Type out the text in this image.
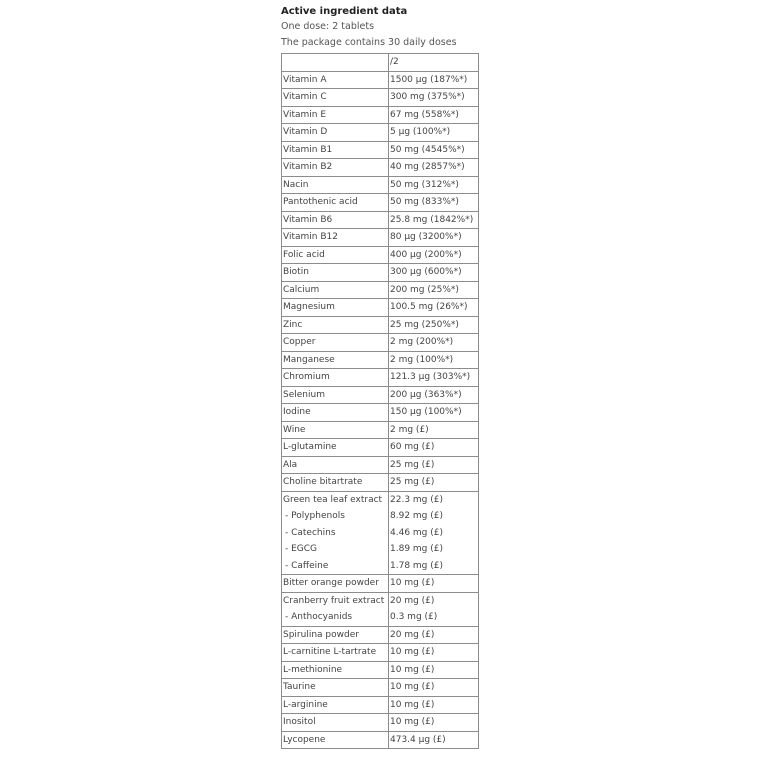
Active ingredient data
One dose: 2 tablets
The package contains 30 daily doses
	/2
Vitamin A	1500 µg (187%*)
Vitamin C	300 mg (375%*)
Vitamin E	67 mg (558%*)
Vitamin D	5 µg (100%*)
Vitamin B1	50 mg (4545%*)
Vitamin B2	40 mg (2857%*)
Nacin	50 mg (312%*)
Pantothenic acid	50 mg (833%*)
Vitamin B6	25.8 mg (1842%*)
Vitamin B12	80 µg (3200%*)
Folic acid	400 µg (200%*)
Biotin	300 µg (600%*)
Calcium	200 mg (25%*)
Magnesium	100.5 mg (26%*)
Zinc	25 mg (250%*)
Copper	2 mg (200%*)
Manganese	2 mg (100%*)
Chromium	121.3 µg (303%*)
Selenium	200 µg (363%*)
Iodine	150 µg (100%*)
Wine	2 mg (£)
L-glutamine	60 mg (£)
Ala	25 mg (£)
Choline bitartrate	25 mg (£)
Green tea leaf extract	22.3 mg (£)
- Polyphenols	8.92 mg (£)
- Catechins	4.46 mg (£)
- EGCG	1.89 mg (£)
- Caffeine	1.78 mg (£)
Bitter orange powder	10 mg (£)
Cranberry fruit extract	20 mg (£)
- Anthocyanids	0.3 mg (£)
Spirulina powder	20 mg (£)
L-carnitine L-tartrate	10 mg (£)
L-methionine	10 mg (£)
Taurine	10 mg (£)
L-arginine	10 mg (£)
Inositol	10 mg (£)
Lycopene	473.4 µg (£)
